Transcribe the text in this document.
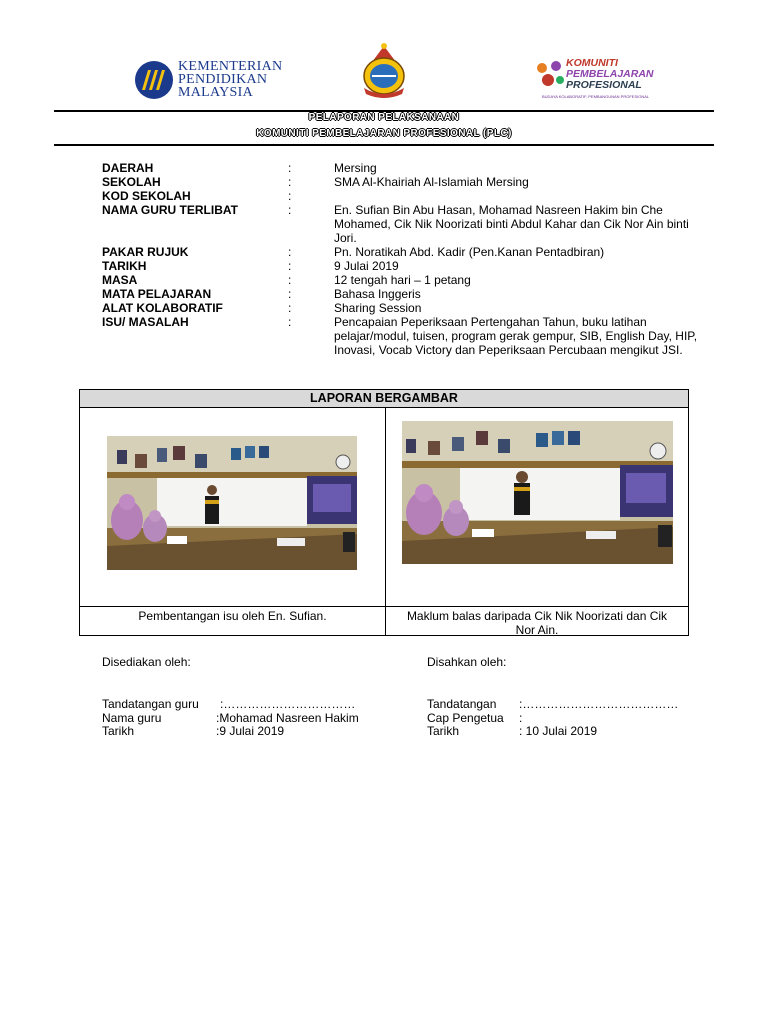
KEMENTERIAN
PENDIDIKAN
MALAYSIA
KOMUNITI
PEMBELAJARAN
PROFESIONAL
BUDAYA KOLABORATIF, PEMBANGUNAN PROFESIONAL
PELAPORAN PELAKSANAAN
KOMUNITI PEMBELAJARAN PROFESIONAL (PLC)
DAERAH	:	Mersing
SEKOLAH	:	SMA Al-Khairiah Al-Islamiah Mersing
KOD SEKOLAH	:
NAMA GURU TERLIBAT	:	En. Sufian Bin Abu Hasan, Mohamad Nasreen Hakim bin Che Mohamed, Cik Nik Noorizati binti Abdul Kahar dan Cik Nor Ain binti Jori.
PAKAR RUJUK	:	Pn. Noratikah Abd. Kadir (Pen.Kanan Pentadbiran)
TARIKH	:	9 Julai 2019
MASA	:	12 tengah hari – 1 petang
MATA PELAJARAN	:	Bahasa Inggeris
ALAT KOLABORATIF	:	Sharing Session
ISU/ MASALAH	:	Pencapaian Peperiksaan Pertengahan Tahun, buku latihan pelajar/modul, tuisen, program gerak gempur, SIB, English Day, HIP, Inovasi, Vocab Victory dan Peperiksaan Percubaan mengikut JSI.
LAPORAN BERGAMBAR
Pembentangan isu oleh En. Sufian.	Maklum balas daripada Cik Nik Noorizati dan Cik Nor Ain.
Disediakan oleh:
Tandatangan guru :……………………………
Nama guru	:Mohamad Nasreen Hakim
Tarikh	:9 Julai 2019
Disahkan oleh:
Tandatangan :…………………………………
Cap Pengetua :
Tarikh	: 10 Julai 2019
